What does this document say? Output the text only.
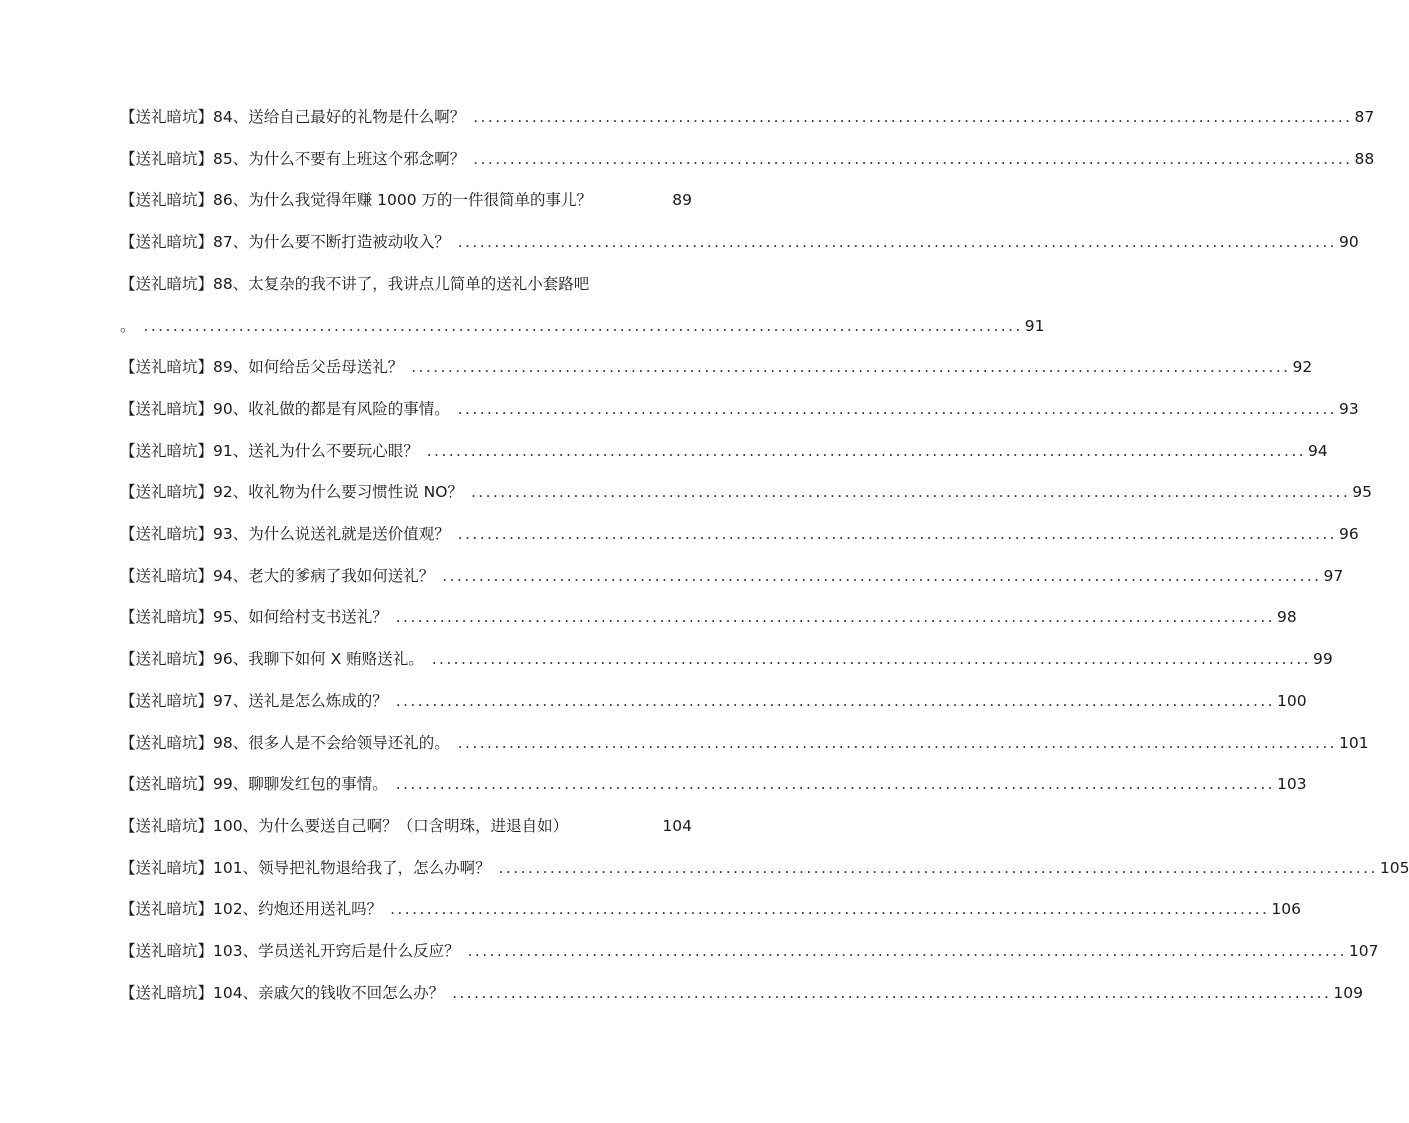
【送礼暗坑】84、送给自己最好的礼物是什么啊？ ........................................................................................................................ 87
【送礼暗坑】85、为什么不要有上班这个邪念啊？ ........................................................................................................................ 88
【送礼暗坑】86、为什么我觉得年赚 1000 万的一件很简单的事儿？	89
【送礼暗坑】87、为什么要不断打造被动收入？ ........................................................................................................................ 90
【送礼暗坑】88、太复杂的我不讲了，我讲点儿简单的送礼小套路吧
。 ........................................................................................................................ 91
【送礼暗坑】89、如何给岳父岳母送礼？ ........................................................................................................................ 92
【送礼暗坑】90、收礼做的都是有风险的事情。 ........................................................................................................................ 93
【送礼暗坑】91、送礼为什么不要玩心眼？ ........................................................................................................................ 94
【送礼暗坑】92、收礼物为什么要习惯性说 NO？ ........................................................................................................................ 95
【送礼暗坑】93、为什么说送礼就是送价值观？ ........................................................................................................................ 96
【送礼暗坑】94、老大的爹病了我如何送礼？ ........................................................................................................................ 97
【送礼暗坑】95、如何给村支书送礼？ ........................................................................................................................ 98
【送礼暗坑】96、我聊下如何 X 贿赂送礼。 ........................................................................................................................ 99
【送礼暗坑】97、送礼是怎么炼成的？ ........................................................................................................................ 100
【送礼暗坑】98、很多人是不会给领导还礼的。 ........................................................................................................................ 101
【送礼暗坑】99、聊聊发红包的事情。 ........................................................................................................................ 103
【送礼暗坑】100、为什么要送自己啊？（口含明珠，进退自如）	104
【送礼暗坑】101、领导把礼物退给我了，怎么办啊？ ........................................................................................................................ 105
【送礼暗坑】102、约炮还用送礼吗？ ........................................................................................................................ 106
【送礼暗坑】103、学员送礼开窍后是什么反应？ ........................................................................................................................ 107
【送礼暗坑】104、亲戚欠的钱收不回怎么办？ ........................................................................................................................ 109
